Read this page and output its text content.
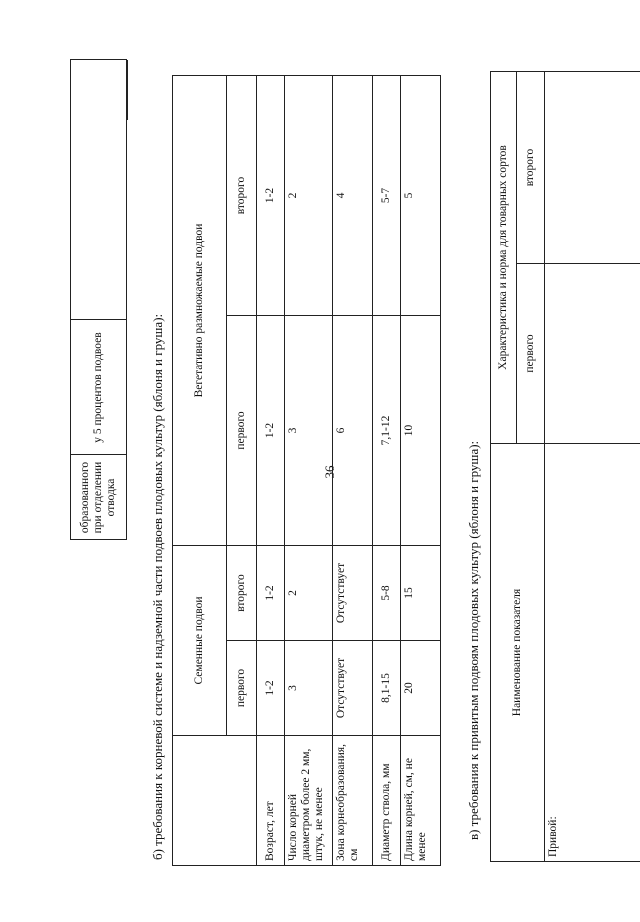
36
	образованного при отделении отводка	у 5 процентов подвоев		б) требования к корневой системе и надземной части подвоев плодовых культур (яблоня и груша):
	Семенные подвои		Вегетативно размножаемые подвои	
	первого	второго	первого	второго
Возраст, лет	1-2	1-2	1-2	1-2
Число корней диаметром более 2 мм, штук, не менее	3	2	3	2
Зона корнеобразования, см	Отсутствует	Отсутствует	6	4
Диаметр ствола, мм	8,1-15	5-8	7,1-12	5-7
Длина корней, см, не менее	20	15	10	5
в) требования к привитым подвоям плодовых культур (яблоня и груша):	Наименование показателя	Характеристика и норма для товарных сортов	
	первого	второго
Привой:		
